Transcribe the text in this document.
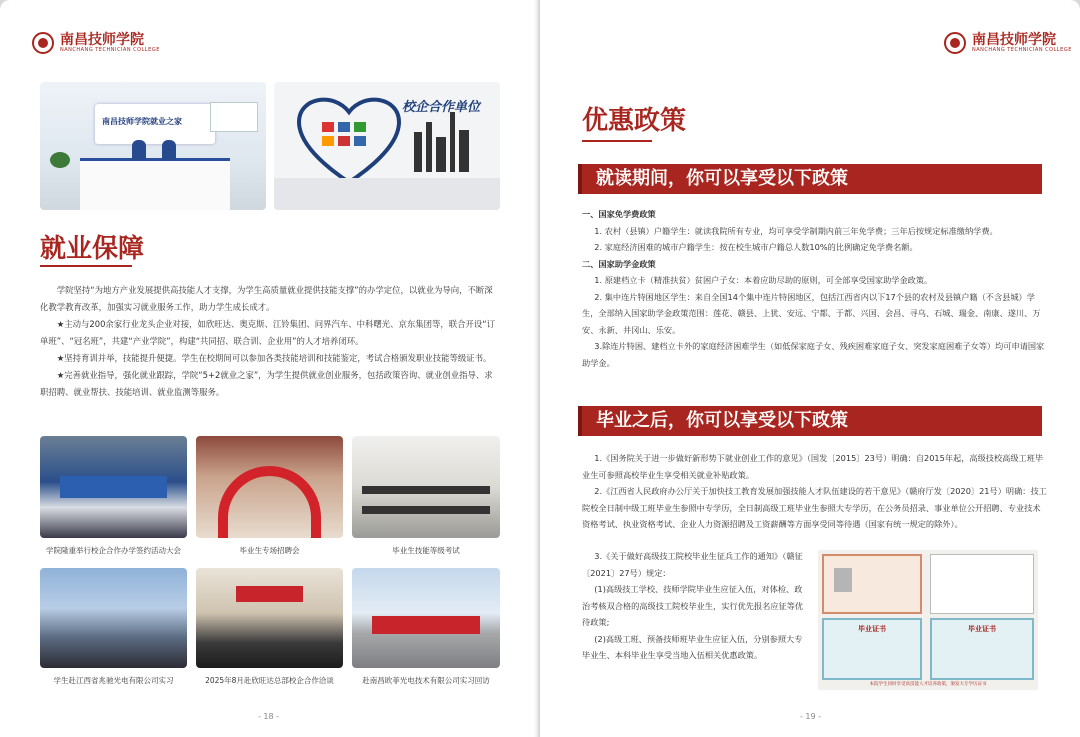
南昌技师学院
NANCHANG TECHNICIAN COLLEGE
南昌技师学院就业之家
校企合作单位
就业保障

学院坚持“为地方产业发展提供高技能人才支撑，为学生高质量就业提供技能支撑”的办学定位，以就业为导向，不断深化教学教育改革，加强实习就业服务工作，助力学生成长成才。

★主动与200余家行业龙头企业对接，如欣旺达、奥克斯、江铃集团、问界汽车、中科曙光、京东集团等，联合开设“订单班”、“冠名班”，共建“产业学院”，构建“共同招、联合训、企业用”的人才培养闭环。

★坚持育训并举，技能提升便捷。学生在校期间可以参加各类技能培训和技能鉴定，考试合格颁发职业技能等级证书。

★完善就业指导，强化就业跟踪，学院“5+2就业之家”，为学生提供就业创业服务，包括政策咨询、就业创业指导、求职招聘、就业帮扶、技能培训、就业监测等服务。

学院隆重举行校企合作办学签约活动大会	毕业生专场招聘会	毕业生技能等级考试
学生赴江西省兆驰光电有限公司实习	2025年8月赴欣旺达总部校企合作洽谈	赴南昌欧菲光电技术有限公司实习回访
- 18 -
南昌技师学院
NANCHANG TECHNICIAN COLLEGE
优惠政策
就读期间，你可以享受以下政策
一、国家免学费政策
1. 农村（县镇）户籍学生：就读我院所有专业，均可享受学制期内前三年免学费；三年后按规定标准缴纳学费。
2. 家庭经济困难的城市户籍学生：按在校生城市户籍总人数10%的比例确定免学费名额。
二、国家助学金政策
1. 原建档立卡（精准扶贫）贫困户子女：本着应助尽助的原则，可全部享受国家助学金政策。
2. 集中连片特困地区学生：来自全国14个集中连片特困地区，包括江西省内以下17个县的农村及县镇户籍（不含县城）学生，全部纳入国家助学金政策范围：莲花、赣县、上犹、安远、宁都、于都、兴国、会昌、寻乌、石城、瑞金、南康、遂川、万安、永新、井冈山、乐安。
3.除连片特困、建档立卡外的家庭经济困难学生（如低保家庭子女、残疾困难家庭子女、突发家庭困难子女等）均可申请国家助学金。
毕业之后，你可以享受以下政策
1.《国务院关于进一步做好新形势下就业创业工作的意见》（国发〔2015〕23号）明确：自2015年起，高级技校高级工班毕业生可参照高校毕业生享受相关就业补贴政策。
2.《江西省人民政府办公厅关于加快技工教育发展加强技能人才队伍建设的若干意见》（赣府厅发〔2020〕21号）明确：技工院校全日制中级工班毕业生参照中专学历，全日制高级工班毕业生参照大专学历，在公务员招录、事业单位公开招聘、专业技术资格考试、执业资格考试、企业人力资源招聘及工资薪酬等方面享受同等待遇（国家有统一规定的除外）。
3.《关于做好高级技工院校毕业生征兵工作的通知》（赣征〔2021〕27号）规定：
(1)高级技工学校、技师学院毕业生应征入伍，对体检、政治考核双合格的高级技工院校毕业生，实行优先报名应征等优待政策;
(2)高级工班、预备技师班毕业生应征入伍，分别参照大专毕业生、本科毕业生享受当地入伍相关优惠政策。
毕业证书	毕业证书
本院学生同时享受高技能人才培养政策，颁发大专学历证书
- 19 -
